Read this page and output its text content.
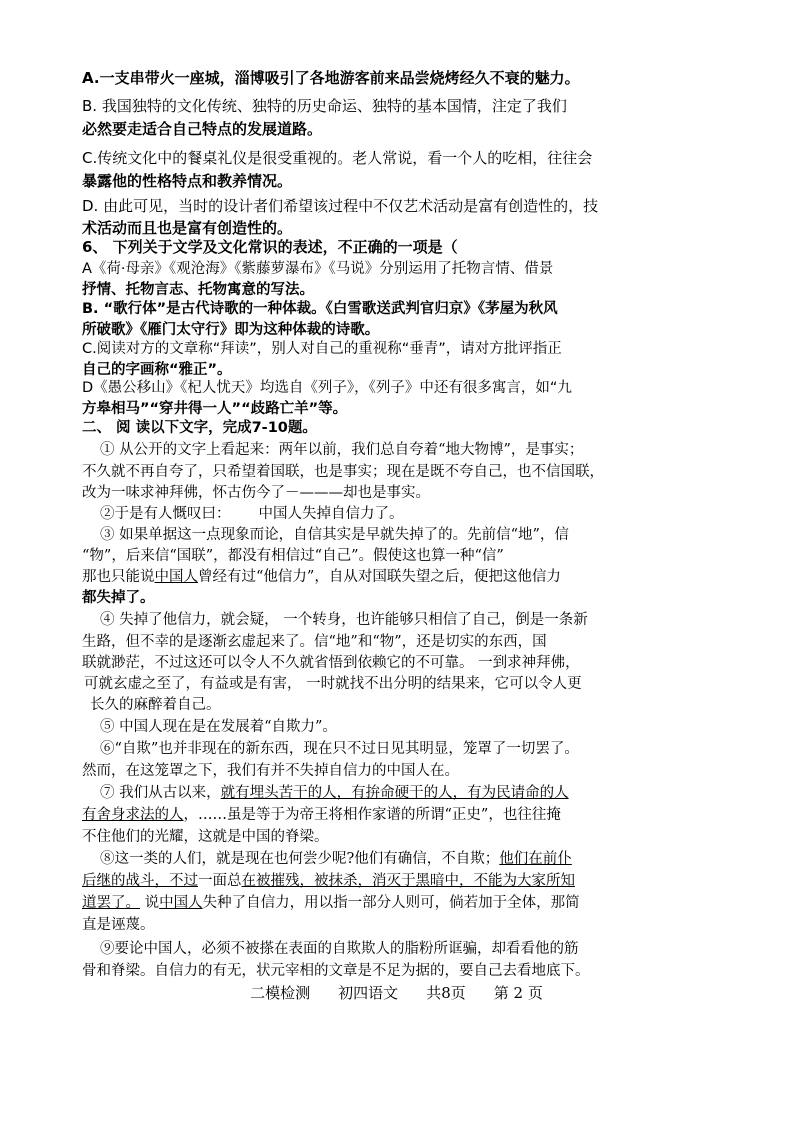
A.一支串带火一座城，淄博吸引了各地游客前来品尝烧烤经久不衰的魅力。
B. 我国独特的文化传统、独特的历史命运、独特的基本国情，注定了我们
必然要走适合自己特点的发展道路。
C.传统文化中的餐桌礼仪是很受重视的。老人常说，看一个人的吃相，往往会
暴露他的性格特点和教养情况。
D. 由此可见，当时的设计者们希望该过程中不仅艺术活动是富有创造性的，技
术活动而且也是富有创造性的。
6、 下列关于文学及文化常识的表述，不正确的一项是（
A《荷·母亲》《观沧海》《紫藤萝瀑布》《马说》分别运用了托物言情、借景
抒情、托物言志、托物寓意的写法。
B. “歌行体”是古代诗歌的一种体裁。《白雪歌送武判官归京》《茅屋为秋风
所破歌》《雁门太守行》即为这种体裁的诗歌。
C.阅读对方的文章称“拜读”，别人对自己的重视称“垂青”，请对方批评指正
自己的字画称“雅正”。
D《愚公移山》《杞人忧天》均选自《列子》，《列子》中还有很多寓言，如“九
方皋相马”“穿井得一人”“歧路亡羊”等。
二、 阅 读以下文字，完成7-10题。
① 从公开的文字上看起来：两年以前，我们总自夸着“地大物博”，是事实；
不久就不再自夸了，只希望着国联，也是事实；现在是既不夸自己，也不信国联，
改为一味求神拜佛，怀古伤今了－———却也是事实。
②于是有人慨叹曰： 中国人失掉自信力了。
③ 如果单据这一点现象而论，自信其实是早就失掉了的。先前信“地”，信
“物”，后来信“国联”，都没有相信过“自己”。假使这也算一种“信”
那也只能说中国人曾经有过“他信力”，自从对国联失望之后，便把这他信力
都失掉了。
④ 失掉了他信力，就会疑， 一个转身，也许能够只相信了自己，倒是一条新
生路，但不幸的是逐渐玄虚起来了。信“地”和“物”，还是切实的东西，国
联就渺茫，不过这还可以令人不久就省悟到依赖它的不可靠。 一到求神拜佛，
可就玄虚之至了，有益或是有害， 一时就找不出分明的结果来，它可以令人更
长久的麻醉着自己。
⑤ 中国人现在是在发展着“自欺力”。
⑥“自欺”也并非现在的新东西，现在只不过日见其明显，笼罩了一切罢了。
然而，在这笼罩之下，我们有并不失掉自信力的中国人在。
⑦ 我们从古以来，就有埋头苦干的人，有拚命硬干的人，有为民请命的人
有舍身求法的人，……虽是等于为帝王将相作家谱的所谓“正史”，也往往掩
不住他们的光耀，这就是中国的脊梁。
⑧这一类的人们，就是现在也何尝少呢?他们有确信，不自欺；他们在前仆
后继的战斗，不过一面总在被摧残，被抹杀，消灭于黑暗中，不能为大家所知
道罢了。 说中国人失种了自信力，用以指一部分人则可，倘若加于全体，那简
直是诬蔑。
⑨要论中国人，必须不被搽在表面的自欺欺人的脂粉所诓骗，却看看他的筋
骨和脊梁。自信力的有无，状元宰相的文章是不足为据的，要自己去看地底下。
二模检测 初四语文 共8页 第 2 页
